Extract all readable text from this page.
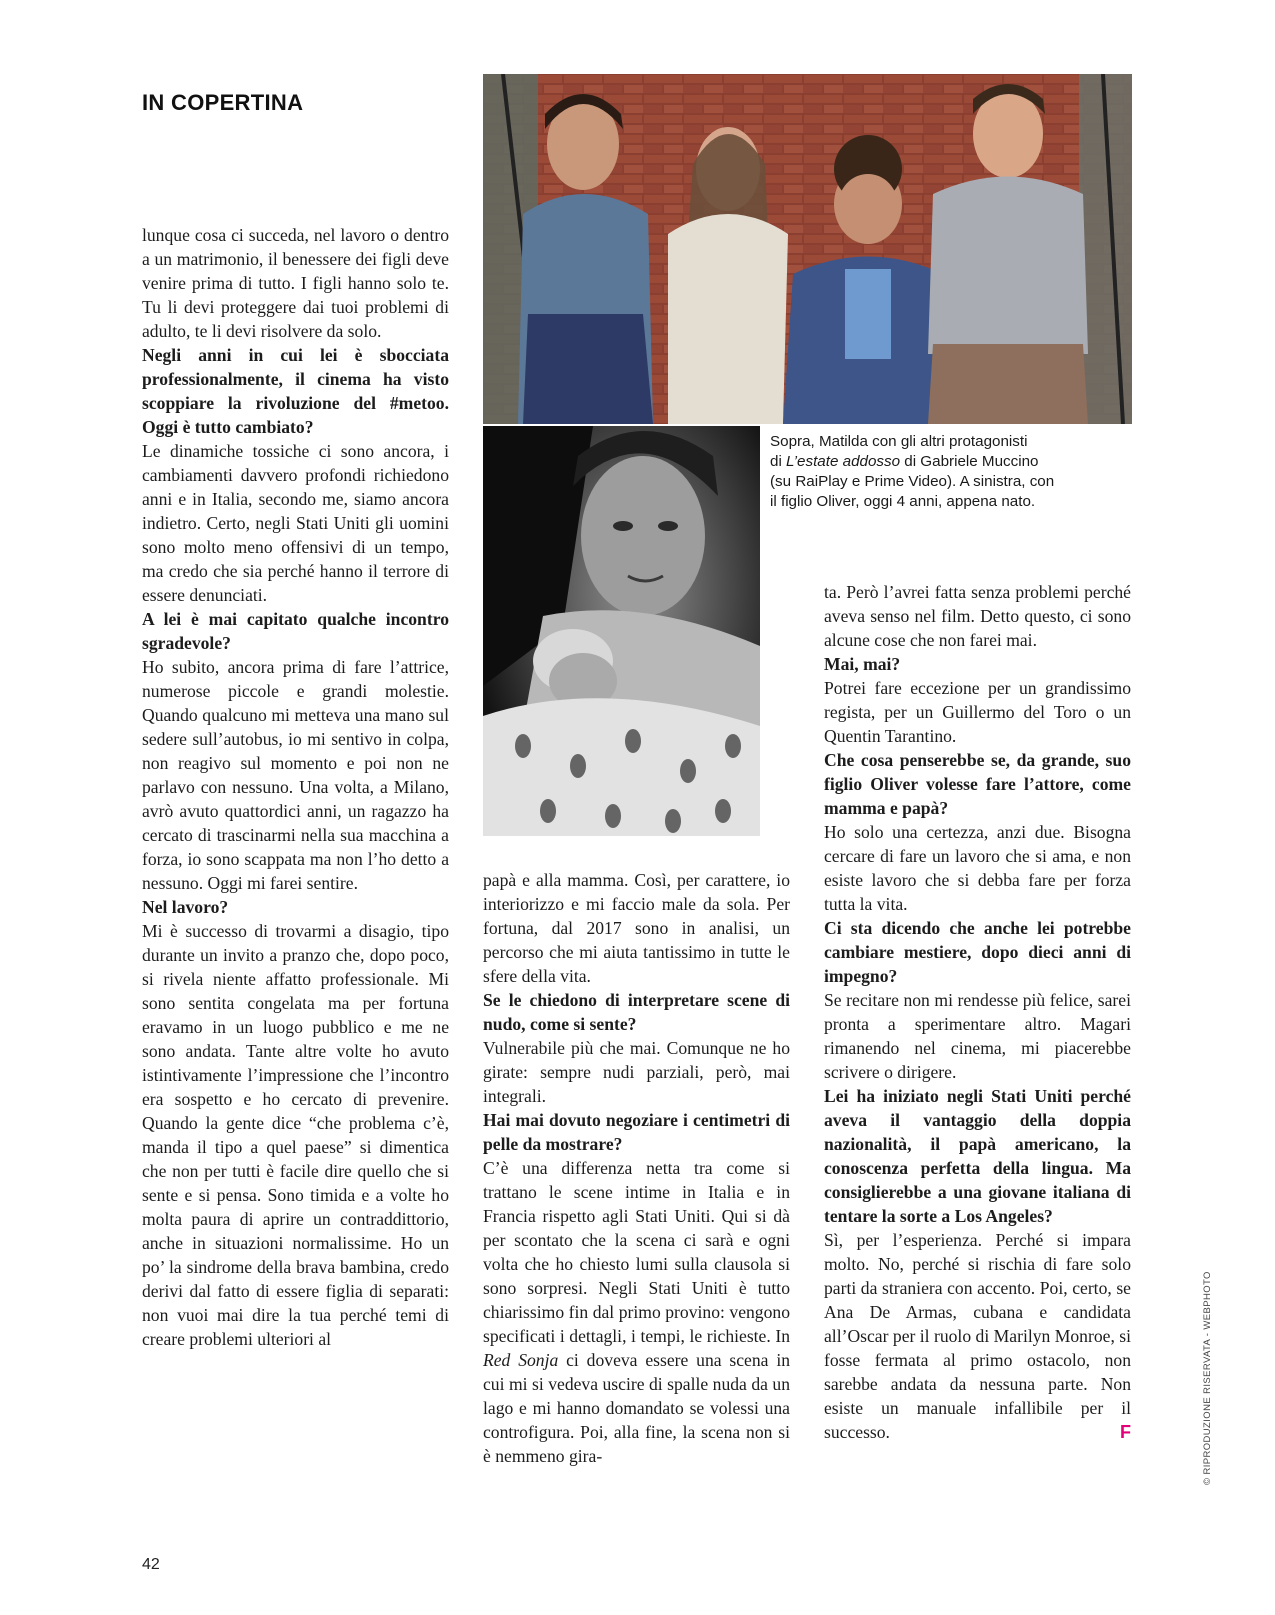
IN COPERTINA
Sopra, Matilda con gli altri protagonisti
di L’estate addosso di Gabriele Muccino
(su RaiPlay e Prime Video). A sinistra, con
il figlio Oliver, oggi 4 anni, appena nato.

lunque cosa ci succeda, nel lavoro o dentro a un matrimonio, il benessere dei figli deve venire prima di tutto. I figli hanno solo te. Tu li devi proteggere dai tuoi problemi di adulto, te li devi risolvere da solo.

Negli anni in cui lei è sbocciata professionalmente, il cinema ha visto scoppiare la rivoluzione del #metoo. Oggi è tutto cambiato?

Le dinamiche tossiche ci sono ancora, i cambiamenti davvero profondi richiedono anni e in Italia, secondo me, siamo ancora indietro. Certo, negli Stati Uniti gli uomini sono molto meno offensivi di un tempo, ma credo che sia perché hanno il terrore di essere denunciati.

A lei è mai capitato qualche incontro sgradevole?

Ho subito, ancora prima di fare l’attrice, numerose piccole e grandi molestie. Quando qualcuno mi metteva una mano sul sedere sull’autobus, io mi sentivo in colpa, non reagivo sul momento e poi non ne parlavo con nessuno. Una volta, a Milano, avrò avuto quattordici anni, un ragazzo ha cercato di trascinarmi nella sua macchina a forza, io sono scappata ma non l’ho detto a nessuno. Oggi mi farei sentire.

Nel lavoro?

Mi è successo di trovarmi a disagio, tipo durante un invito a pranzo che, dopo poco, si rivela niente affatto professionale. Mi sono sentita congelata ma per fortuna eravamo in un luogo pubblico e me ne sono andata. Tante altre volte ho avuto istintivamente l’impressione che l’incontro era sospetto e ho cercato di prevenire. Quando la gente dice “che problema c’è, manda il tipo a quel paese” si dimentica che non per tutti è facile dire quello che si sente e si pensa. Sono timida e a volte ho molta paura di aprire un contraddittorio, anche in situazioni normalissime. Ho un po’ la sindrome della brava bambina, credo derivi dal fatto di essere figlia di separati: non vuoi mai dire la tua perché temi di creare problemi ulteriori al

papà e alla mamma. Così, per carattere, io interiorizzo e mi faccio male da sola. Per fortuna, dal 2017 sono in analisi, un percorso che mi aiuta tantissimo in tutte le sfere della vita.

Se le chiedono di interpretare scene di nudo, come si sente?

Vulnerabile più che mai. Comunque ne ho girate: sempre nudi parziali, però, mai integrali.

Hai mai dovuto negoziare i centimetri di pelle da mostrare?

C’è una differenza netta tra come si trattano le scene intime in Italia e in Francia rispetto agli Stati Uniti. Qui si dà per scontato che la scena ci sarà e ogni volta che ho chiesto lumi sulla clausola si sono sorpresi. Negli Stati Uniti è tutto chiarissimo fin dal primo provino: vengono specificati i dettagli, i tempi, le richieste. In Red Sonja ci doveva essere una scena in cui mi si vedeva uscire di spalle nuda da un lago e mi hanno domandato se volessi una controfigura. Poi, alla fine, la scena non si è nemmeno gira-

ta. Però l’avrei fatta senza problemi perché aveva senso nel film. Detto questo, ci sono alcune cose che non farei mai.

Mai, mai?

Potrei fare eccezione per un grandissimo regista, per un Guillermo del Toro o un Quentin Tarantino.

Che cosa penserebbe se, da grande, suo figlio Oliver volesse fare l’attore, come mamma e papà?

Ho solo una certezza, anzi due. Bisogna cercare di fare un lavoro che si ama, e non esiste lavoro che si debba fare per forza tutta la vita.

Ci sta dicendo che anche lei potrebbe cambiare mestiere, dopo dieci anni di impegno?

Se recitare non mi rendesse più felice, sarei pronta a sperimentare altro. Magari rimanendo nel cinema, mi piacerebbe scrivere o dirigere.

Lei ha iniziato negli Stati Uniti perché aveva il vantaggio della doppia nazionalità, il papà americano, la conoscenza perfetta della lingua. Ma consiglierebbe a una giovane italiana di tentare la sorte a Los Angeles?

Sì, per l’esperienza. Perché si impara molto. No, perché si rischia di fare solo parti da straniera con accento. Poi, certo, se Ana De Armas, cubana e candidata all’Oscar per il ruolo di Marilyn Monroe, si fosse fermata al primo ostacolo, non sarebbe andata da nessuna parte. Non esiste un manuale infallibile per il successo.	F

42
© RIPRODUZIONE RISERVATA - WEBPHOTO
